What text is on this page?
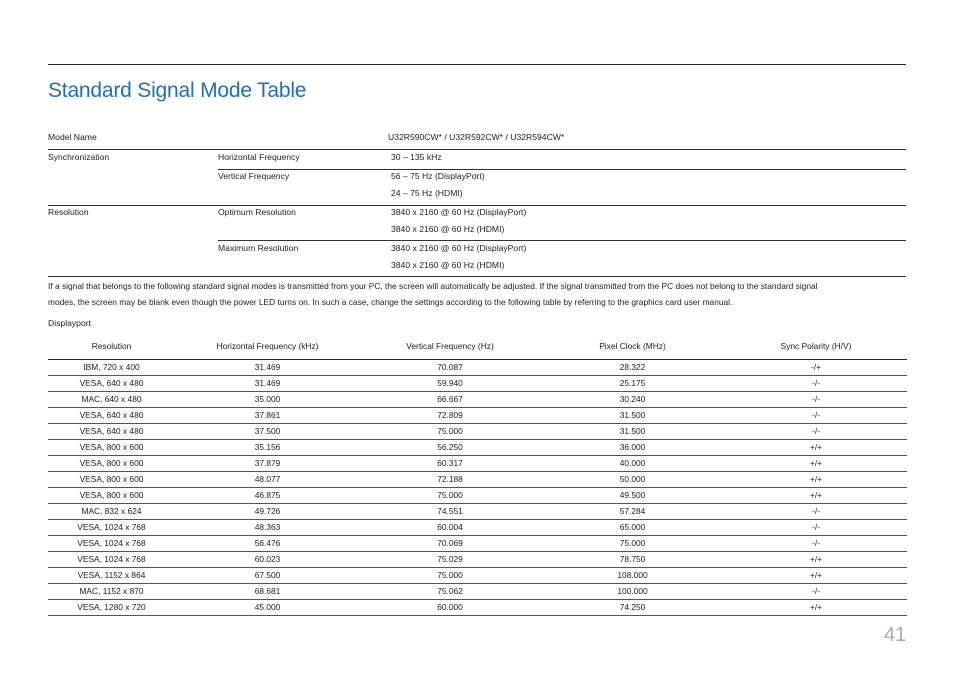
Standard Signal Mode Table
Model Name	U32R590CW* / U32R592CW* / U32R594CW*
Synchronization	Horizontal Frequency	30 – 135 kHz
Vertical Frequency	56 – 75 Hz (DisplayPort)
24 – 75 Hz (HDMI)
Resolution	Optimum Resolution	3840 x 2160 @ 60 Hz (DisplayPort)
3840 x 2160 @ 60 Hz (HDMI)
Maximum Resolution	3840 x 2160 @ 60 Hz (DisplayPort)
3840 x 2160 @ 60 Hz (HDMI)
If a signal that belongs to the following standard signal modes is transmitted from your PC, the screen will automatically be adjusted. If the signal transmitted from the PC does not belong to the standard signal
modes, the screen may be blank even though the power LED turns on. In such a case, change the settings according to the following table by referring to the graphics card user manual.
Displayport
Resolution	Horizontal Frequency (kHz)	Vertical Frequency (Hz)	Pixel Clock (MHz)	Sync Polarity (H/V)
IBM, 720 x 400	31.469	70.087	28.322	-/+
VESA, 640 x 480	31.469	59.940	25.175	-/-
MAC, 640 x 480	35.000	66.667	30.240	-/-
VESA, 640 x 480	37.861	72.809	31.500	-/-
VESA, 640 x 480	37.500	75.000	31.500	-/-
VESA, 800 x 600	35.156	56.250	36.000	+/+
VESA, 800 x 600	37.879	60.317	40.000	+/+
VESA, 800 x 600	48.077	72.188	50.000	+/+
VESA, 800 x 600	46.875	75.000	49.500	+/+
MAC, 832 x 624	49.726	74.551	57.284	-/-
VESA, 1024 x 768	48.363	60.004	65.000	-/-
VESA, 1024 x 768	56.476	70.069	75.000	-/-
VESA, 1024 x 768	60.023	75.029	78.750	+/+
VESA, 1152 x 864	67.500	75.000	108.000	+/+
MAC, 1152 x 870	68.681	75.062	100.000	-/-
VESA, 1280 x 720	45.000	60.000	74.250	+/+
41
